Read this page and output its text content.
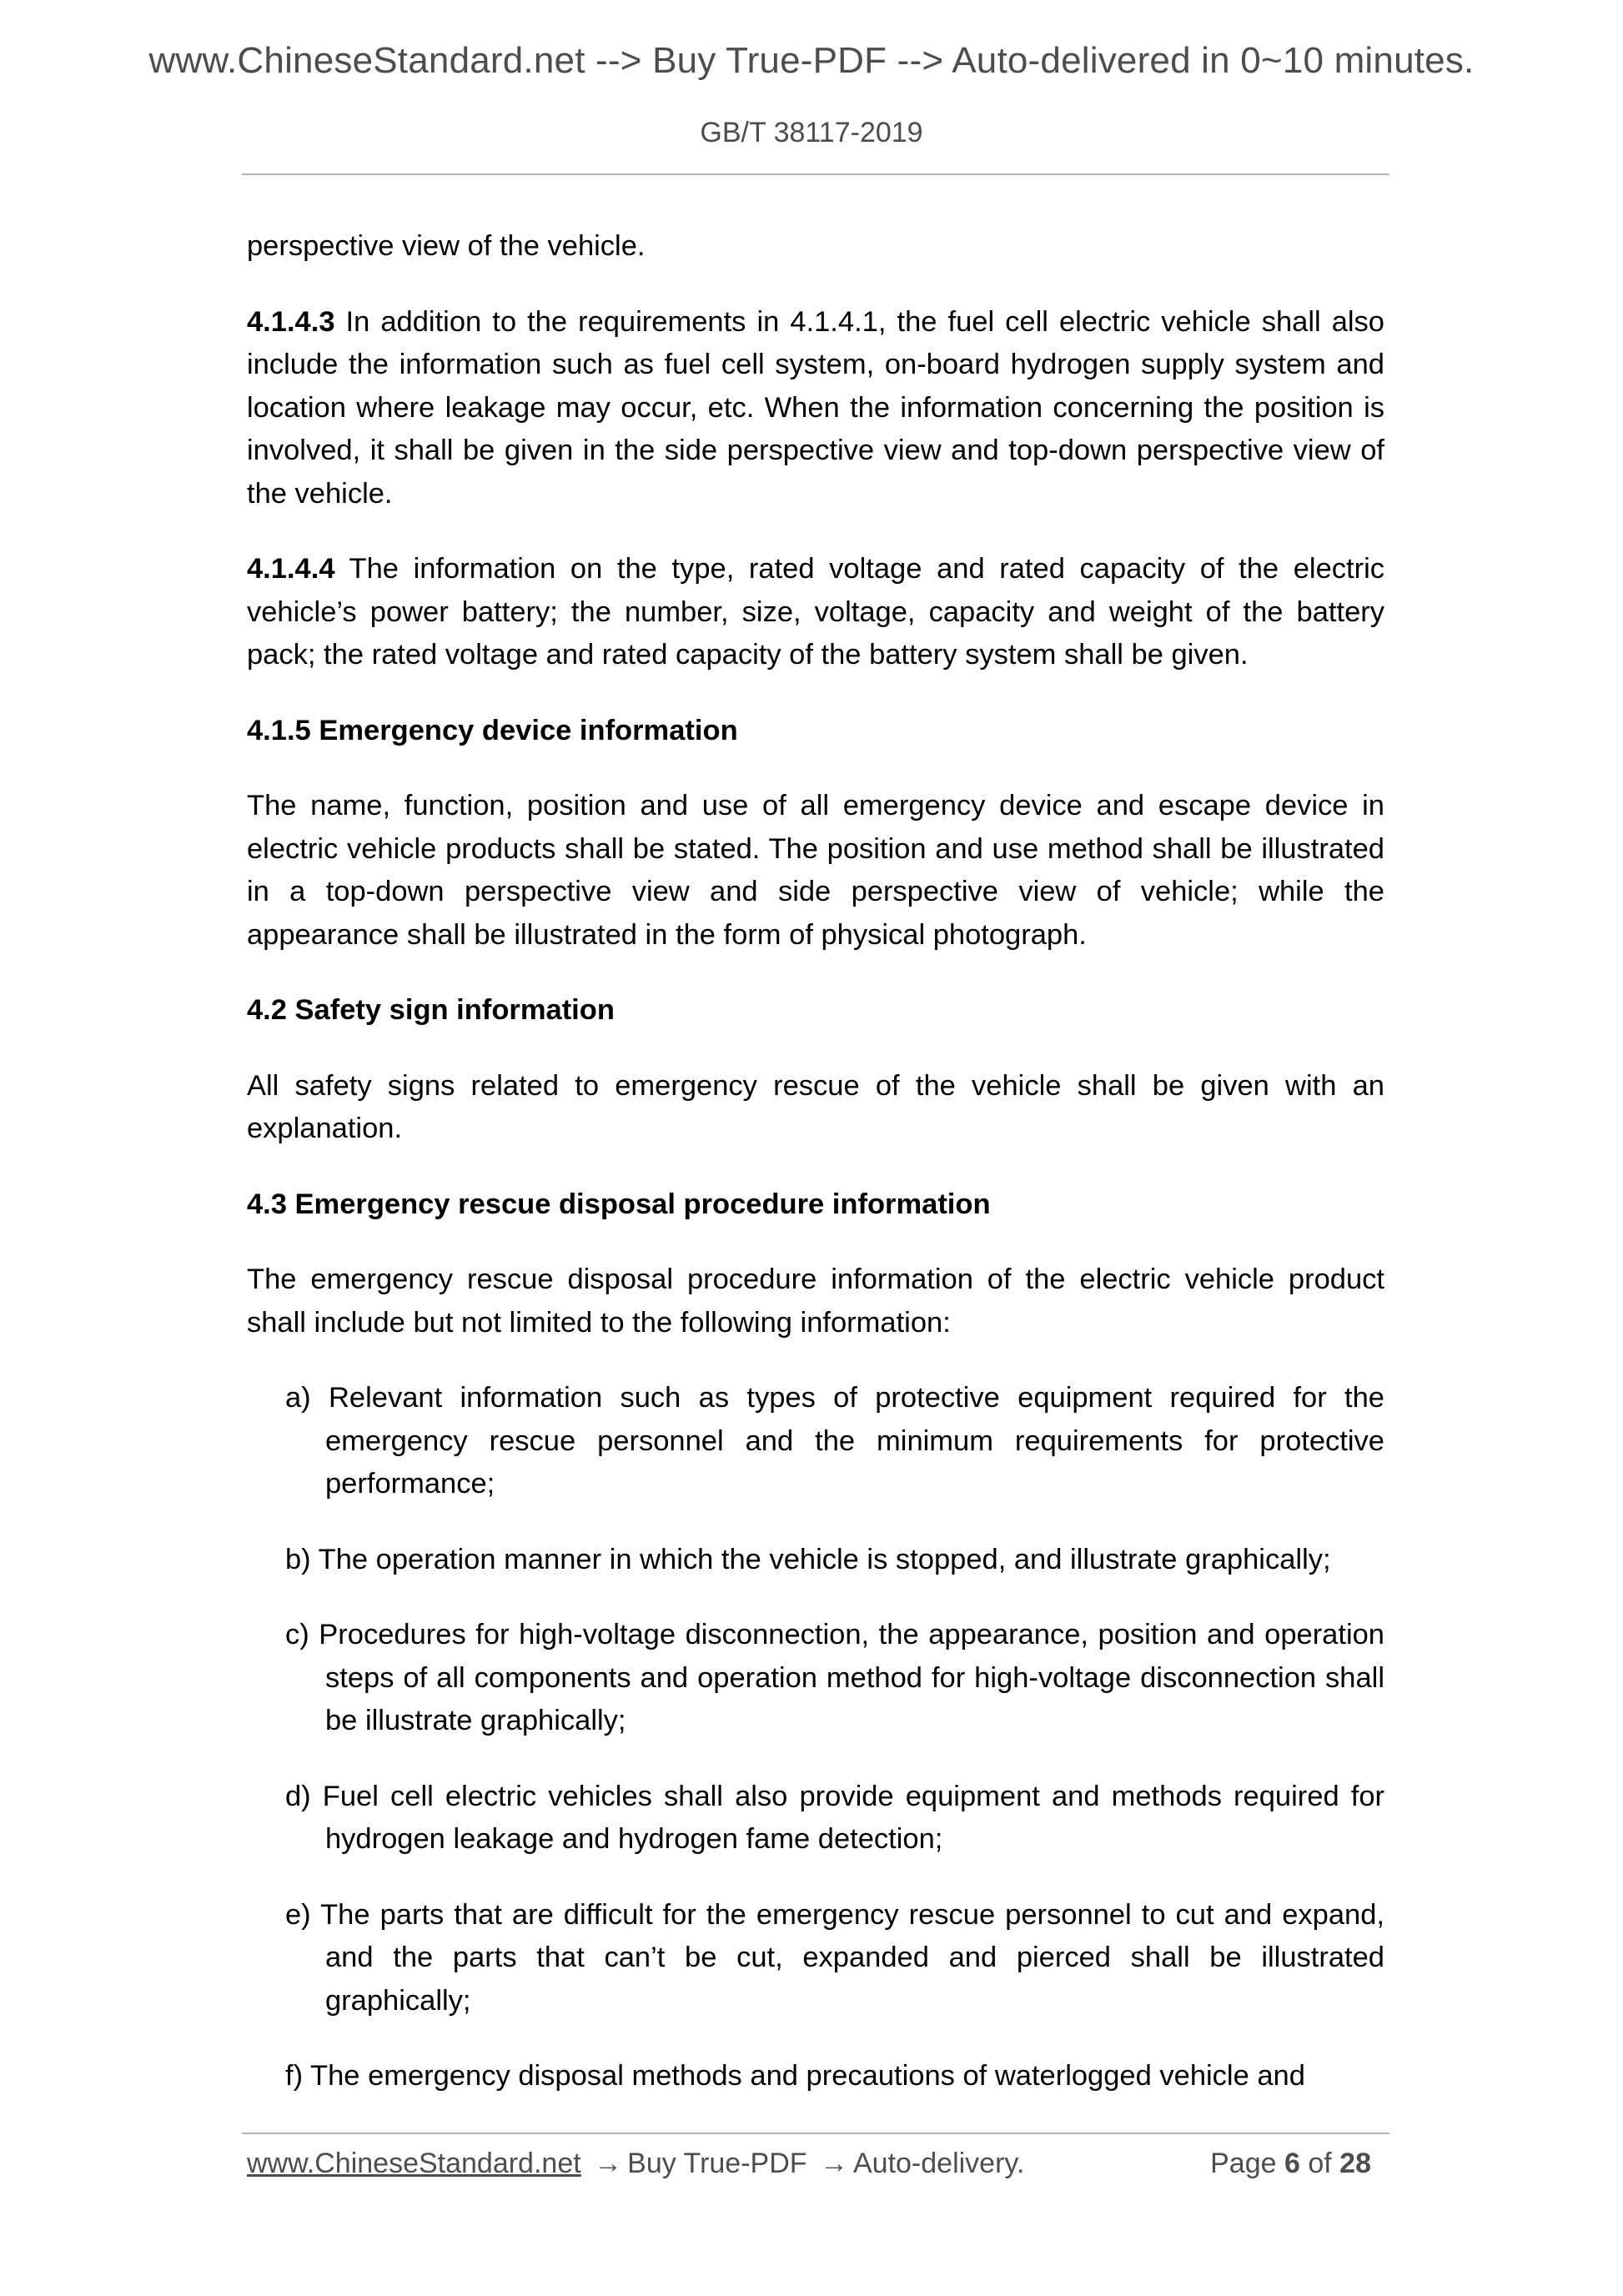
www.ChineseStandard.net --> Buy True-PDF --> Auto-delivered in 0~10 minutes.
GB/T 38117-2019

perspective view of the vehicle.

4.1.4.3 In addition to the requirements in 4.1.4.1, the fuel cell electric vehicle shall also include the information such as fuel cell system, on-board hydrogen supply system and location where leakage may occur, etc. When the information concerning the position is involved, it shall be given in the side perspective view and top-down perspective view of the vehicle.

4.1.4.4 The information on the type, rated voltage and rated capacity of the electric vehicle’s power battery; the number, size, voltage, capacity and weight of the battery pack; the rated voltage and rated capacity of the battery system shall be given.

4.1.5 Emergency device information

The name, function, position and use of all emergency device and escape device in electric vehicle products shall be stated. The position and use method shall be illustrated in a top-down perspective view and side perspective view of vehicle; while the appearance shall be illustrated in the form of physical photograph.

4.2 Safety sign information

All safety signs related to emergency rescue of the vehicle shall be given with an explanation.

4.3 Emergency rescue disposal procedure information

The emergency rescue disposal procedure information of the electric vehicle product shall include but not limited to the following information:

a) Relevant information such as types of protective equipment required for the emergency rescue personnel and the minimum requirements for protective performance;

b) The operation manner in which the vehicle is stopped, and illustrate graphically;

c) Procedures for high-voltage disconnection, the appearance, position and operation steps of all components and operation method for high-voltage disconnection shall be illustrate graphically;

d) Fuel cell electric vehicles shall also provide equipment and methods required for hydrogen leakage and hydrogen fame detection;

e) The parts that are difficult for the emergency rescue personnel to cut and expand, and the parts that can’t be cut, expanded and pierced shall be illustrated graphically;

f) The emergency disposal methods and precautions of waterlogged vehicle and

www.ChineseStandard.net → Buy True-PDF → Auto-delivery.	Page 6 of 28
